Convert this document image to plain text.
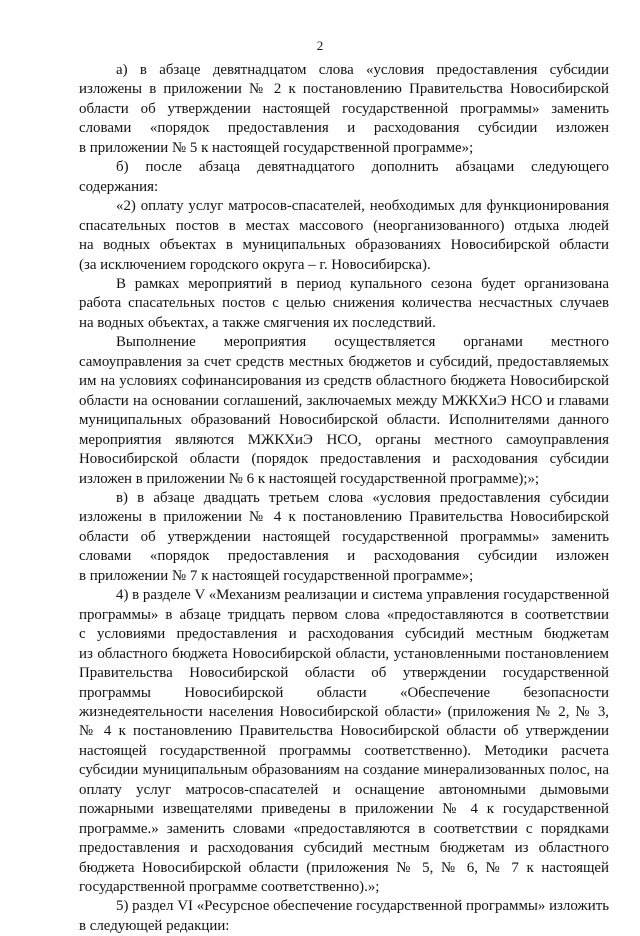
2
а) в абзаце девятнадцатом слова «условия предоставления субсидии
изложены в приложении № 2 к постановлению Правительства Новосибирской
области об утверждении настоящей государственной программы» заменить
словами «порядок предоставления и расходования субсидии изложен
в приложении № 5 к настоящей государственной программе»;
б) после абзаца девятнадцатого дополнить абзацами следующего
содержания:
«2) оплату услуг матросов-спасателей, необходимых для функционирования
спасательных постов в местах массового (неорганизованного) отдыха людей
на водных объектах в муниципальных образованиях Новосибирской области
(за исключением городского округа – г. Новосибирска).
В рамках мероприятий в период купального сезона будет организована
работа спасательных постов с целью снижения количества несчастных случаев
на водных объектах, а также смягчения их последствий.
Выполнение мероприятия осуществляется органами местного
самоуправления за счет средств местных бюджетов и субсидий, предоставляемых
им на условиях софинансирования из средств областного бюджета Новосибирской
области на основании соглашений, заключаемых между МЖКХиЭ НСО и главами
муниципальных образований Новосибирской области. Исполнителями данного
мероприятия являются МЖКХиЭ НСО, органы местного самоуправления
Новосибирской области (порядок предоставления и расходования субсидии
изложен в приложении № 6 к настоящей государственной программе);»;
в) в абзаце двадцать третьем слова «условия предоставления субсидии
изложены в приложении № 4 к постановлению Правительства Новосибирской
области об утверждении настоящей государственной программы» заменить
словами «порядок предоставления и расходования субсидии изложен
в приложении № 7 к настоящей государственной программе»;
4) в разделе V «Механизм реализации и система управления государственной
программы» в абзаце тридцать первом слова «предоставляются в соответствии
с условиями предоставления и расходования субсидий местным бюджетам
из областного бюджета Новосибирской области, установленными постановлением
Правительства Новосибирской области об утверждении государственной
программы Новосибирской области «Обеспечение безопасности
жизнедеятельности населения Новосибирской области» (приложения № 2, № 3,
№ 4 к постановлению Правительства Новосибирской области об утверждении
настоящей государственной программы соответственно). Методики расчета
субсидии муниципальным образованиям на создание минерализованных полос, на
оплату услуг матросов-спасателей и оснащение автономными дымовыми
пожарными извещателями приведены в приложении № 4 к государственной
программе.» заменить словами «предоставляются в соответствии с порядками
предоставления и расходования субсидий местным бюджетам из областного
бюджета Новосибирской области (приложения № 5, № 6, № 7 к настоящей
государственной программе соответственно).»;
5) раздел VI «Ресурсное обеспечение государственной программы» изложить
в следующей редакции:
